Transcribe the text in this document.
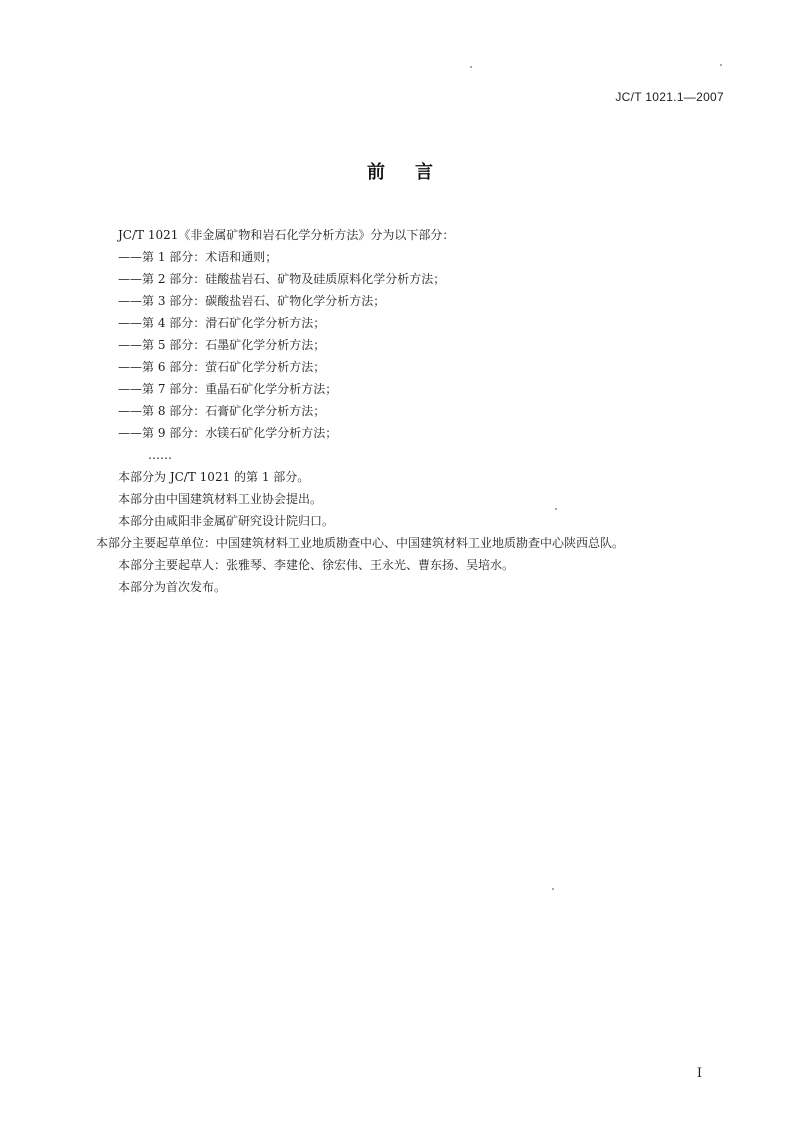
JC/T 1021.1—2007
前言

JC/T 1021《非金属矿物和岩石化学分析方法》分为以下部分：

——第 1 部分：术语和通则；

——第 2 部分：硅酸盐岩石、矿物及硅质原料化学分析方法；

——第 3 部分：碳酸盐岩石、矿物化学分析方法；

——第 4 部分：滑石矿化学分析方法；

——第 5 部分：石墨矿化学分析方法；

——第 6 部分：萤石矿化学分析方法；

——第 7 部分：重晶石矿化学分析方法；

——第 8 部分：石膏矿化学分析方法；

——第 9 部分：水镁石矿化学分析方法；

……

本部分为 JC/T 1021 的第 1 部分。

本部分由中国建筑材料工业协会提出。

本部分由咸阳非金属矿研究设计院归口。

本部分主要起草单位：中国建筑材料工业地质勘查中心、中国建筑材料工业地质勘查中心陕西总队。

本部分主要起草人：张雅琴、李建伦、徐宏伟、王永光、曹东扬、吴培水。

本部分为首次发布。

I
